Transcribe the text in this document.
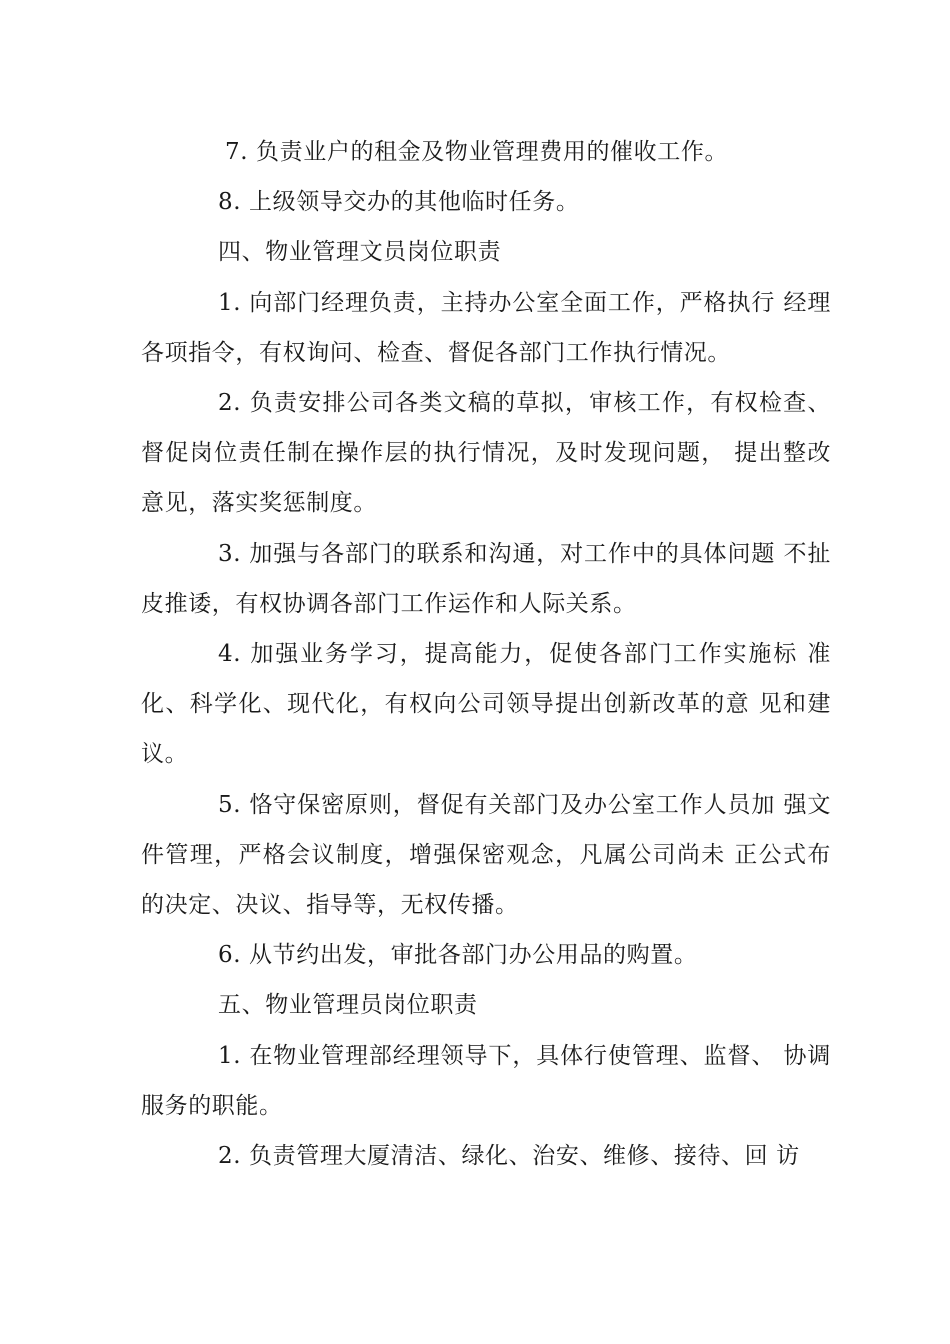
7. 负责业户的租金及物业管理费用的催收工作。

8. 上级领导交办的其他临时任务。

四、物业管理文员岗位职责

1. 向部门经理负责，主持办公室全面工作，严格执行 经理各项指令，有权询问、检查、督促各部门工作执行情况。

2. 负责安排公司各类文稿的草拟，审核工作，有权检查、督促岗位责任制在操作层的执行情况，及时发现问题， 提出整改意见，落实奖惩制度。

3. 加强与各部门的联系和沟通，对工作中的具体问题 不扯皮推诿，有权协调各部门工作运作和人际关系。

4. 加强业务学习，提高能力，促使各部门工作实施标 准化、科学化、现代化，有权向公司领导提出创新改革的意 见和建议。

5. 恪守保密原则，督促有关部门及办公室工作人员加 强文件管理，严格会议制度，增强保密观念，凡属公司尚未 正公式布的决定、决议、指导等，无权传播。

6. 从节约出发，审批各部门办公用品的购置。

五、物业管理员岗位职责

1. 在物业管理部经理领导下，具体行使管理、监督、 协调服务的职能。

2. 负责管理大厦清洁、绿化、治安、维修、接待、回 访
